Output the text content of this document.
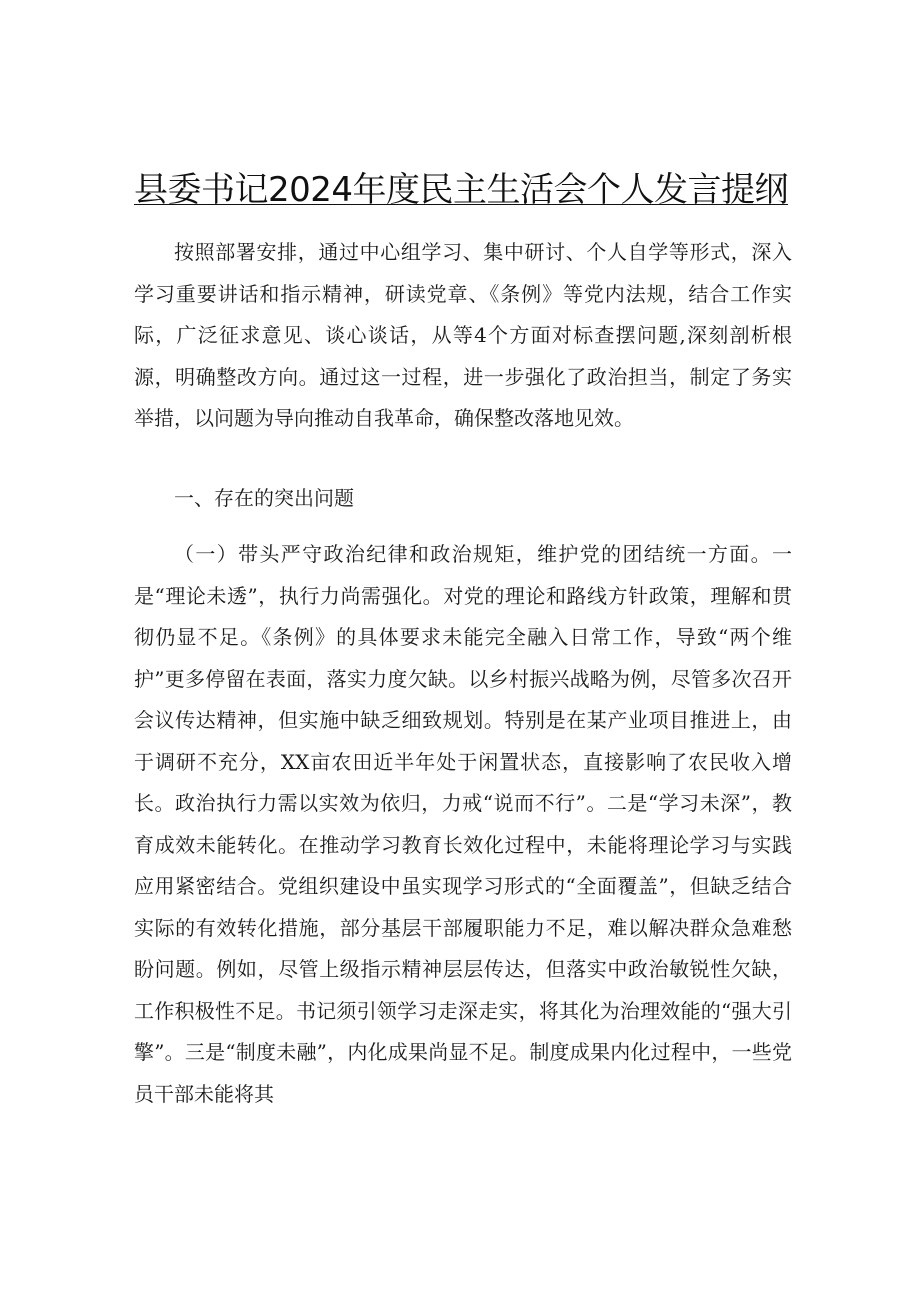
县委书记2024年度民主生活会个人发言提纲

按照部署安排，通过中心组学习、集中研讨、个人自学等形式，深入学习重要讲话和指示精神，研读党章、《条例》等党内法规，结合工作实际，广泛征求意见、谈心谈话，从等4个方面对标查摆问题,深刻剖析根源，明确整改方向。通过这一过程，进一步强化了政治担当，制定了务实举措，以问题为导向推动自我革命，确保整改落地见效。

一、存在的突出问题

（一）带头严守政治纪律和政治规矩，维护党的团结统一方面。一是“理论未透”，执行力尚需强化。对党的理论和路线方针政策，理解和贯彻仍显不足。《条例》的具体要求未能完全融入日常工作，导致“两个维护”更多停留在表面，落实力度欠缺。以乡村振兴战略为例，尽管多次召开会议传达精神，但实施中缺乏细致规划。特别是在某产业项目推进上，由于调研不充分，XX亩农田近半年处于闲置状态，直接影响了农民收入增长。政治执行力需以实效为依归，力戒“说而不行”。二是“学习未深”，教育成效未能转化。在推动学习教育长效化过程中，未能将理论学习与实践应用紧密结合。党组织建设中虽实现学习形式的“全面覆盖”，但缺乏结合实际的有效转化措施，部分基层干部履职能力不足，难以解决群众急难愁盼问题。例如，尽管上级指示精神层层传达，但落实中政治敏锐性欠缺，工作积极性不足。书记须引领学习走深走实，将其化为治理效能的“强大引擎”。三是“制度未融”，内化成果尚显不足。制度成果内化过程中，一些党员干部未能将其
